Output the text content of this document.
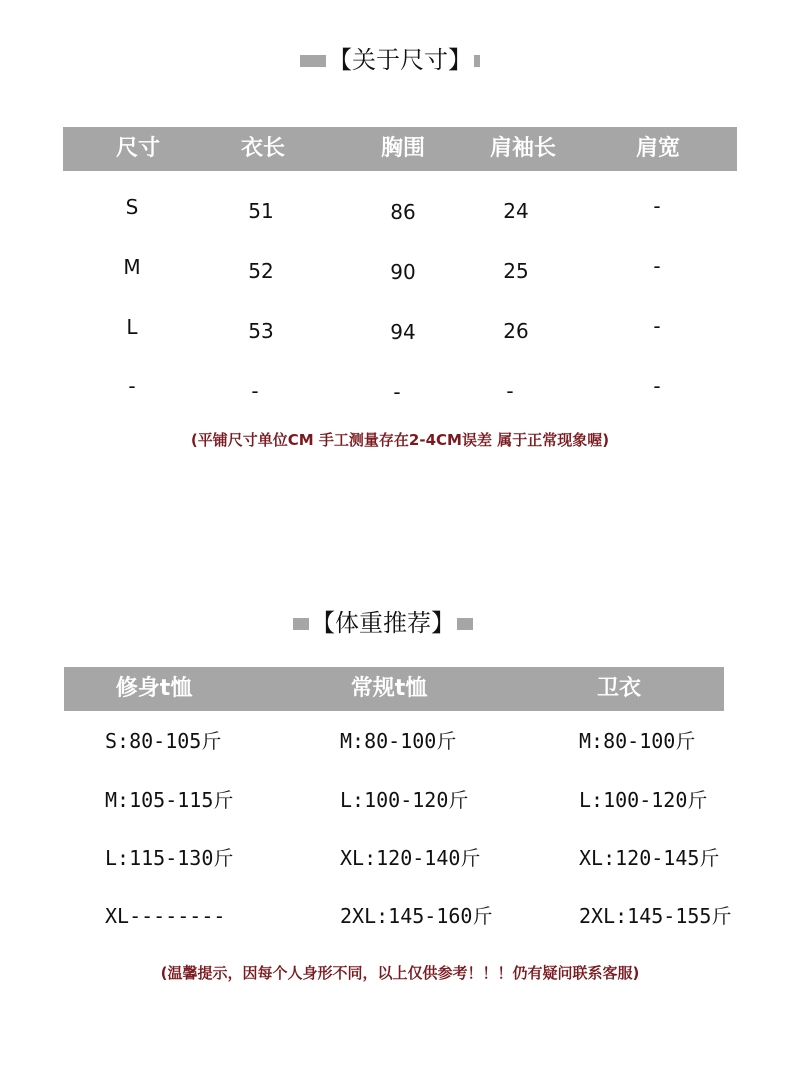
【关于尺寸】
尺寸	衣长	胸围	肩袖长	肩宽
S	51	86	24	-
M	52	90	25	-
L	53	94	26	-
-	-	-	-	-
(平铺尺寸单位CM 手工测量存在2-4CM误差 属于正常现象喔)
【体重推荐】
修身t恤	常规t恤	卫衣
S:80-105斤	M:80-100斤	M:80-100斤
M:105-115斤	L:100-120斤	L:100-120斤
L:115-130斤	XL:120-140斤	XL:120-145斤
XL--------	2XL:145-160斤	2XL:145-155斤
(温馨提示，因每个人身形不同，以上仅供参考！！！仍有疑问联系客服)
